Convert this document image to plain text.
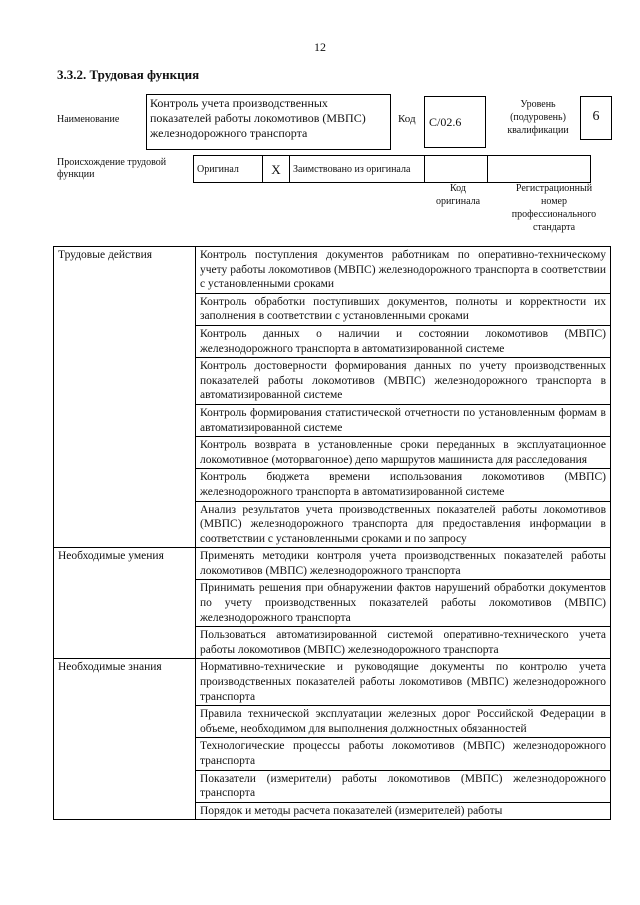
12
3.3.2. Трудовая функция
Наименование
Контроль учета производственных показателей работы локомотивов (МВПС) железнодорожного транспорта
Код	C/02.6
Уровень (подуровень) квалификации
6
Происхождение трудовой функции	Оригинал	X	Заимствовано из оригинала		
Код оригинала
Регистрационный номер профессионального стандарта
Трудовые действия	Контроль поступления документов работникам по оперативно-техническому учету работы локомотивов (МВПС) железнодорожного транспорта в соответствии с установленными сроками
	Контроль обработки поступивших документов, полноты и корректности их заполнения в соответствии с установленными сроками
	Контроль данных о наличии и состоянии локомотивов (МВПС) железнодорожного транспорта в автоматизированной системе
	Контроль достоверности формирования данных по учету производственных показателей работы локомотивов (МВПС) железнодорожного транспорта в автоматизированной системе
	Контроль формирования статистической отчетности по установленным формам в автоматизированной системе
	Контроль возврата в установленные сроки переданных в эксплуатационное локомотивное (моторвагонное) депо маршрутов машиниста для расследования
	Контроль бюджета времени использования локомотивов (МВПС) железнодорожного транспорта в автоматизированной системе
	Анализ результатов учета производственных показателей работы локомотивов (МВПС) железнодорожного транспорта для предоставления информации в соответствии с установленными сроками и по запросу
Необходимые умения	Применять методики контроля учета производственных показателей работы локомотивов (МВПС) железнодорожного транспорта
	Принимать решения при обнаружении фактов нарушений обработки документов по учету производственных показателей работы локомотивов (МВПС) железнодорожного транспорта
	Пользоваться автоматизированной системой оперативно-технического учета работы локомотивов (МВПС) железнодорожного транспорта
Необходимые знания	Нормативно-технические и руководящие документы по контролю учета производственных показателей работы локомотивов (МВПС) железнодорожного транспорта
	Правила технической эксплуатации железных дорог Российской Федерации в объеме, необходимом для выполнения должностных обязанностей
	Технологические процессы работы локомотивов (МВПС) железнодорожного транспорта
	Показатели (измерители) работы локомотивов (МВПС) железнодорожного транспорта
	Порядок и методы расчета показателей (измерителей) работы
